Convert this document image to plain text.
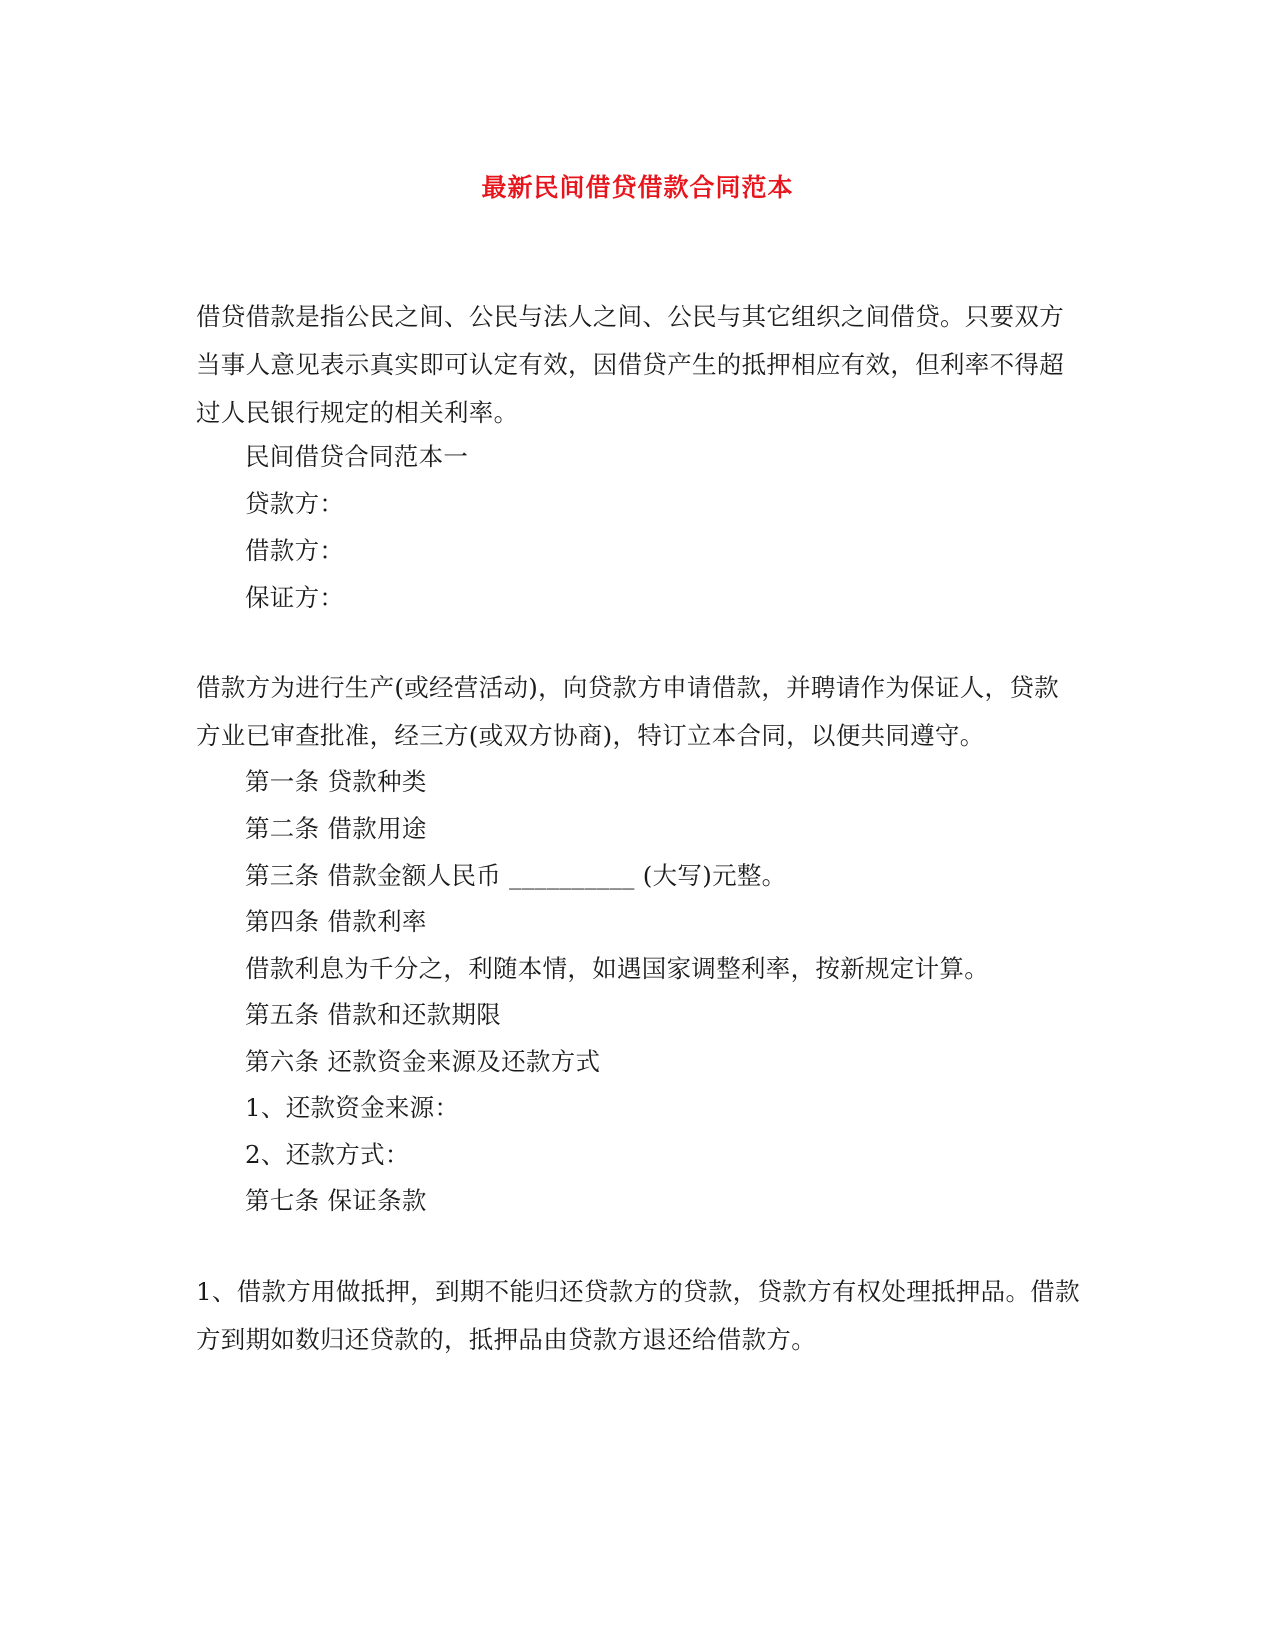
最新民间借贷借款合同范本
借贷借款是指公民之间、公民与法人之间、公民与其它组织之间借贷。只要双方
当事人意见表示真实即可认定有效，因借贷产生的抵押相应有效，但利率不得超
过人民银行规定的相关利率。
民间借贷合同范本一
贷款方：
借款方：
保证方：
借款方为进行生产(或经营活动)，向贷款方申请借款，并聘请作为保证人，贷款
方业已审查批准，经三方(或双方协商)，特订立本合同，以便共同遵守。
第一条 贷款种类
第二条 借款用途
第三条 借款金额人民币 __________ (大写)元整。
第四条 借款利率
借款利息为千分之，利随本情，如遇国家调整利率，按新规定计算。
第五条 借款和还款期限
第六条 还款资金来源及还款方式
1、还款资金来源：
2、还款方式：
第七条 保证条款
1、借款方用做抵押，到期不能归还贷款方的贷款，贷款方有权处理抵押品。借款
方到期如数归还贷款的，抵押品由贷款方退还给借款方。
